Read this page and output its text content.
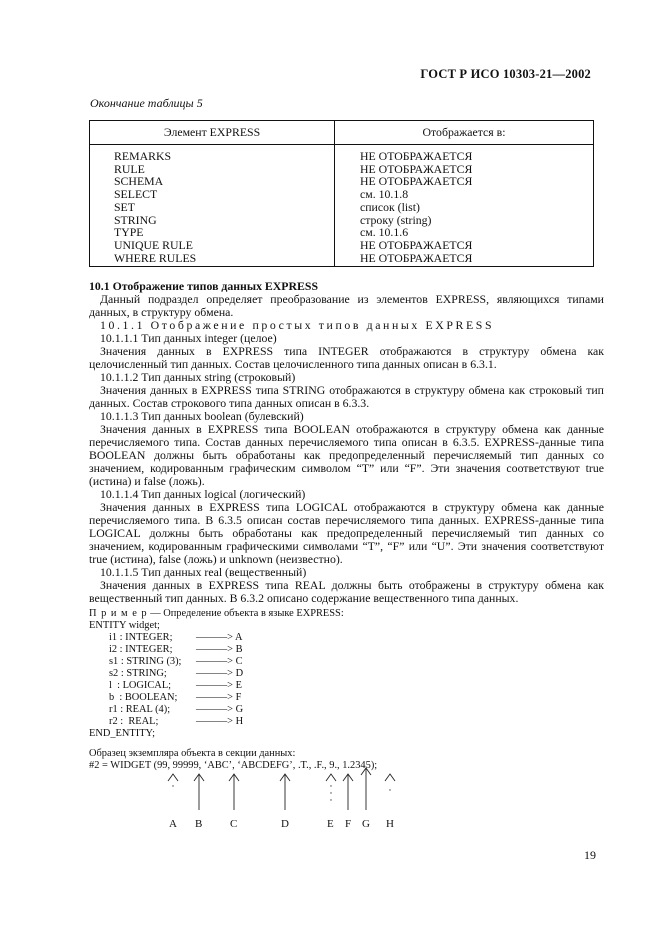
ГОСТ Р ИСО 10303-21—2002
Окончание таблицы 5
Элемент EXPRESS	Отображается в:
REMARKS	НЕ ОТОБРАЖАЕТСЯ
RULE	НЕ ОТОБРАЖАЕТСЯ
SCHEMA	НЕ ОТОБРАЖАЕТСЯ
SELECT	см. 10.1.8
SET	список (list)
STRING	строку (string)
TYPE	см. 10.1.6
UNIQUE RULE	НЕ ОТОБРАЖАЕТСЯ
WHERE RULES	НЕ ОТОБРАЖАЕТСЯ

10.1 Отображение типов данных EXPRESS

Данный подраздел определяет преобразование из элементов EXPRESS, являющихся типами данных, в структуру обмена.

10.1.1 Отображение простых типов данных EXPRESS

10.1.1.1 Тип данных integer (целое)

Значения данных в EXPRESS типа INTEGER отображаются в структуру обмена как целочисленный тип данных. Состав целочисленного типа данных описан в 6.3.1.

10.1.1.2 Тип данных string (строковый)

Значения данных в EXPRESS типа STRING отображаются в структуру обмена как строковый тип данных. Состав строкового типа данных описан в 6.3.3.

10.1.1.3 Тип данных boolean (булевский)

Значения данных в EXPRESS типа BOOLEAN отображаются в структуру обмена как данные перечисляемого типа. Состав данных перечисляемого типа описан в 6.3.5. EXPRESS-данные типа BOOLEAN должны быть обработаны как предопределенный перечисляемый тип данных со значением, кодированным графическим символом “T” или “F”. Эти значения соответствуют true (истина) и false (ложь).

10.1.1.4 Тип данных logical (логический)

Значения данных в EXPRESS типа LOGICAL отображаются в структуру обмена как данные перечисляемого типа. В 6.3.5 описан состав перечисляемого типа данных. EXPRESS-данные типа LOGICAL должны быть обработаны как предопределенный перечисляемый тип данных со значением, кодированным графическими символами “T”, “F” или “U”. Эти значения соответствуют true (истина), false (ложь) и unknown (неизвестно).

10.1.1.5 Тип данных real (вещественный)

Значения данных в EXPRESS типа REAL должны быть отображены в структуру обмена как вещественный тип данных. В 6.3.2 описано содержание вещественного типа данных.

П р и м е р — Определение объекта в языке EXPRESS:
ENTITY widget;
i1 : INTEGER; ———> A
i2 : INTEGER; ———> B
s1 : STRING (3); ———> C
s2 : STRING;	———> D
l  : LOGICAL; ———> E
b  : BOOLEAN; ———> F
r1 : REAL (4); ———> G
r2 :  REAL;	———> H
END_ENTITY;
Образец экземпляра объекта в секции данных:
#2 = WIDGET (99, 99999, ‘ABC’, ‘ABCDEFG’, .T., .F., 9., 1.2345);
A B	C	D	E F G H
19
